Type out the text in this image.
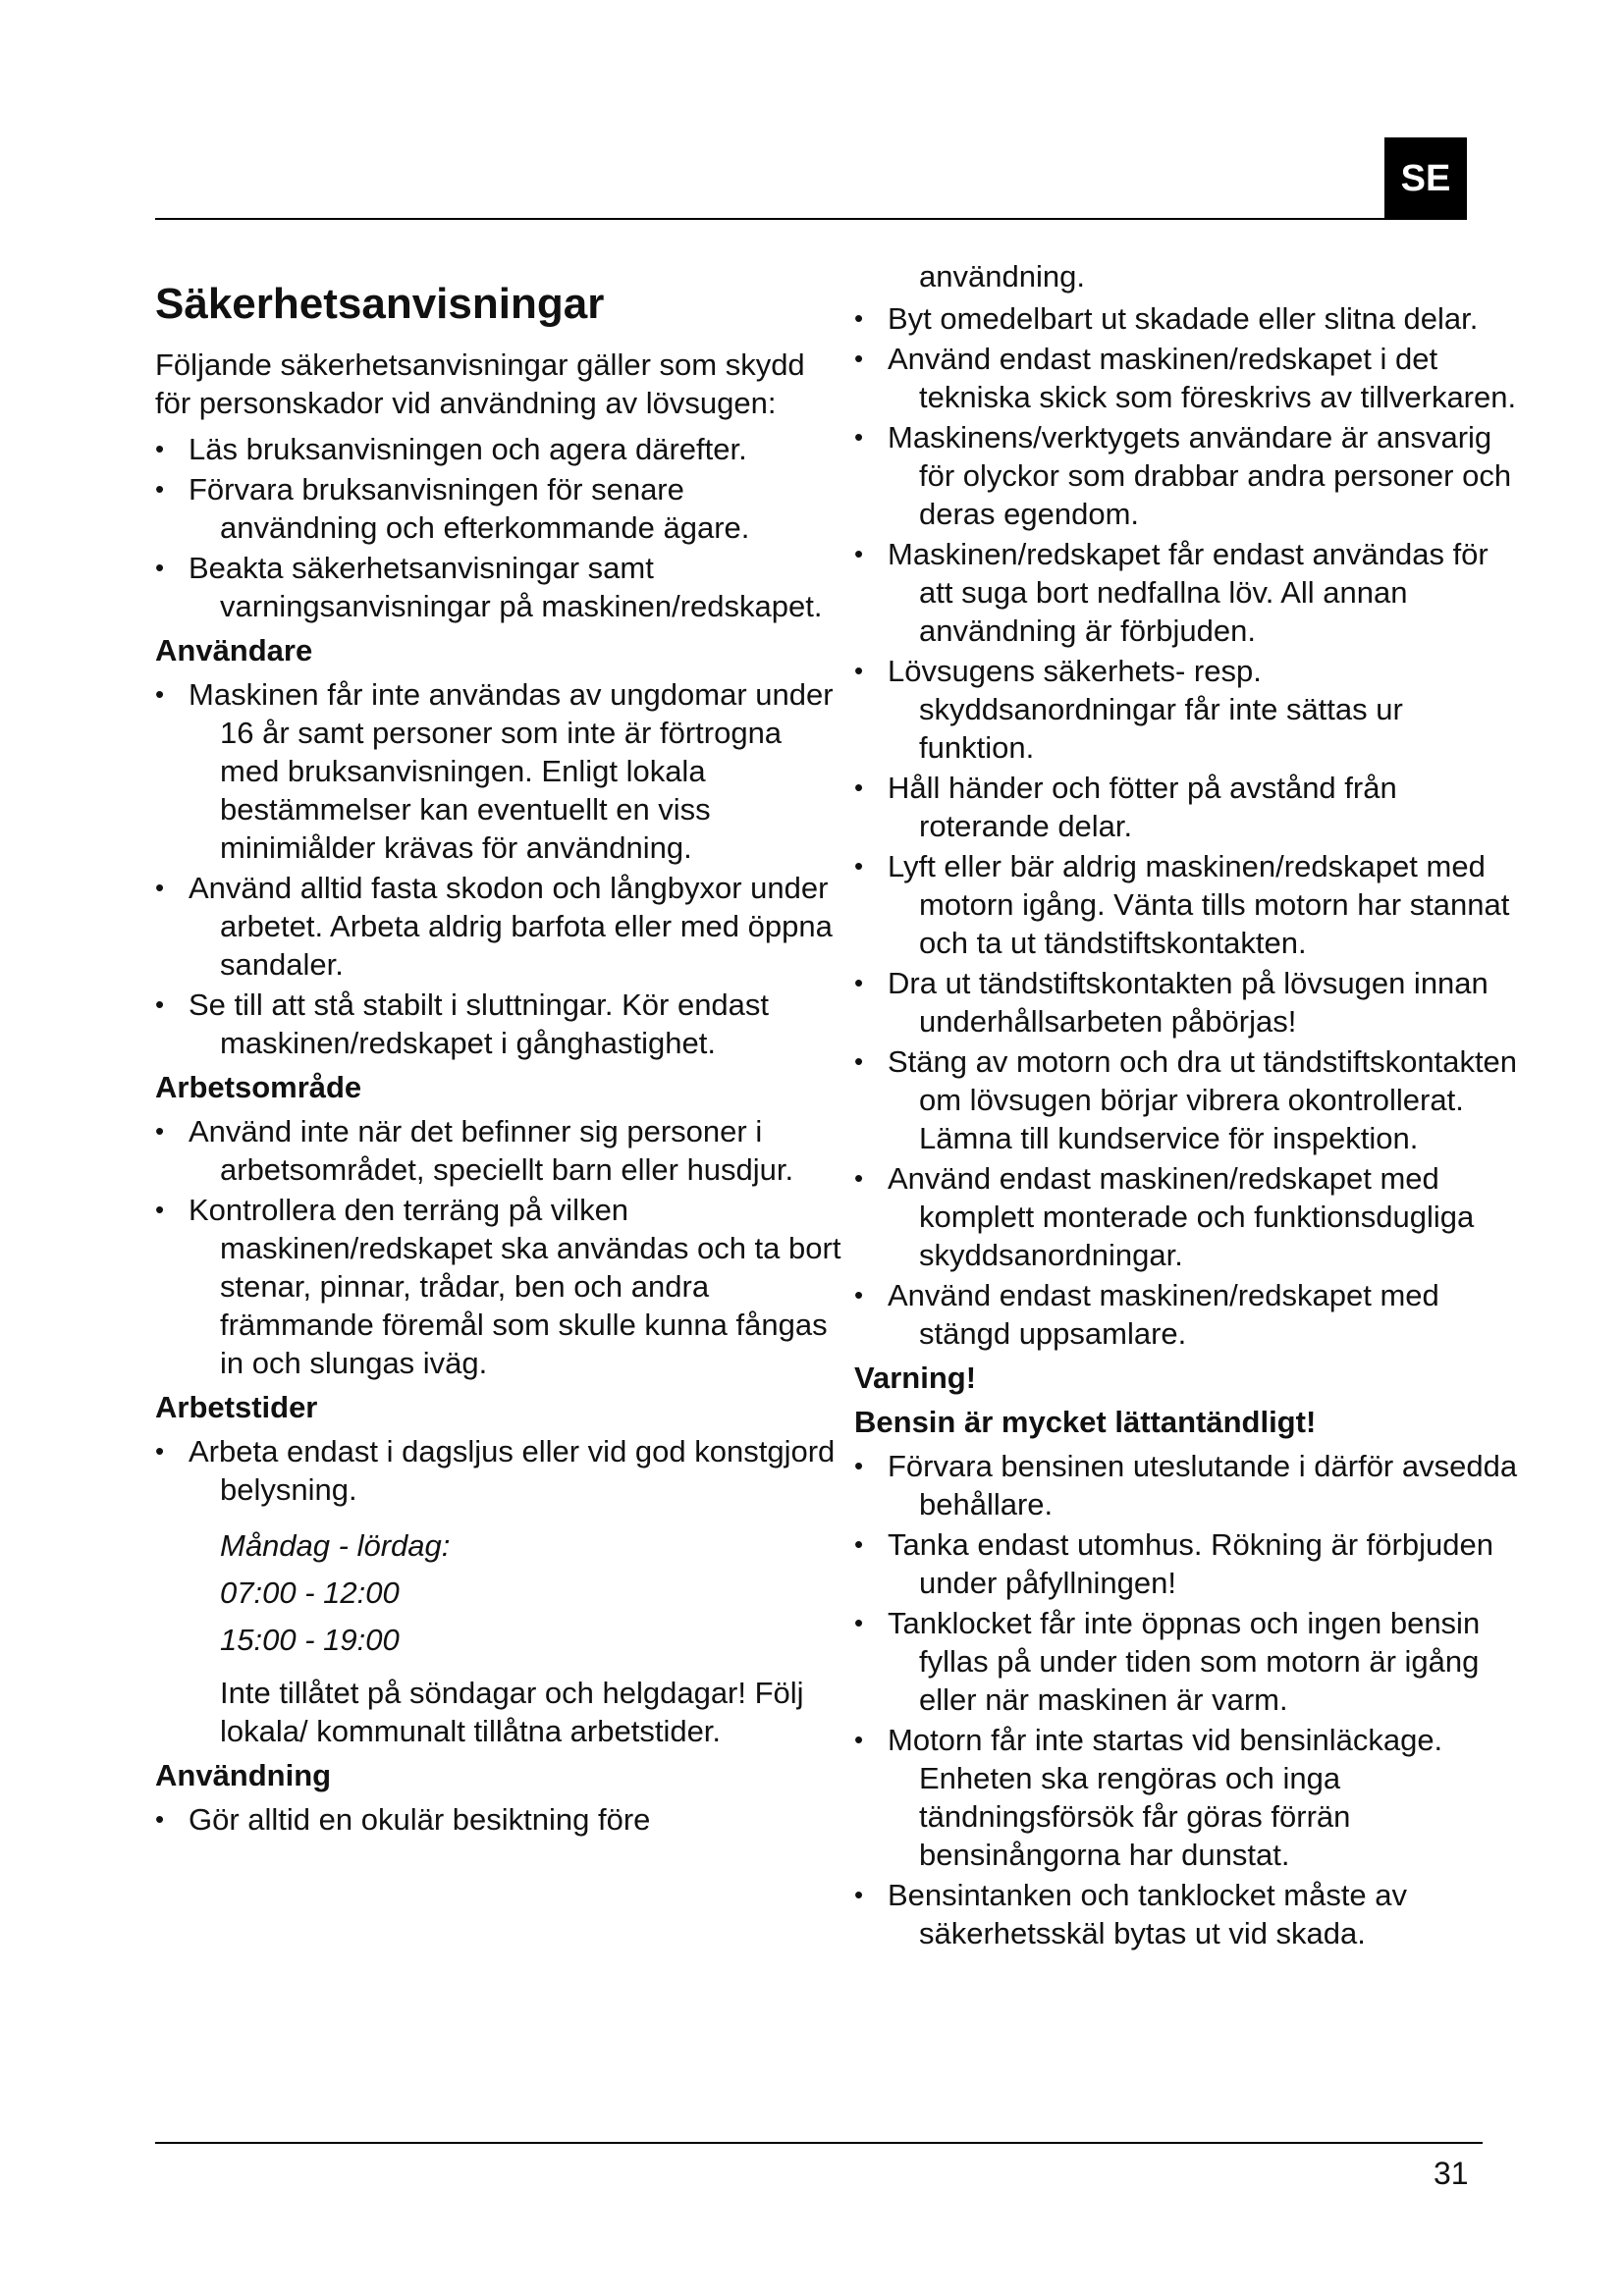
SE
Säkerhetsanvisningar

Följande säkerhetsanvisningar gäller som skydd för personskador vid användning av lövsugen:

• Läs bruksanvisningen och agera därefter.
• Förvara bruksanvisningen för senare användning och efterkommande ägare.
• Beakta säkerhetsanvisningar samt varningsanvisningar på maskinen/redskapet.
Användare
• Maskinen får inte användas av ungdomar under 16 år samt personer som inte är förtrogna med bruksanvisningen. Enligt lokala bestämmelser kan eventuellt en viss minimiålder krävas för användning.
• Använd alltid fasta skodon och långbyxor under arbetet. Arbeta aldrig barfota eller med öppna sandaler.
• Se till att stå stabilt i sluttningar. Kör endast maskinen/redskapet i gånghastighet.
Arbetsområde
• Använd inte när det befinner sig personer i arbetsområdet, speciellt barn eller husdjur.
• Kontrollera den terräng på vilken maskinen/redskapet ska användas och ta bort stenar, pinnar, trådar, ben och andra främmande föremål som skulle kunna fångas in och slungas iväg.
Arbetstider
• Arbeta endast i dagsljus eller vid god konstgjord belysning.
Måndag - lördag:
07:00 - 12:00
15:00 - 19:00

Inte tillåtet på söndagar och helgdagar! Följ lokala/ kommunalt tillåtna arbetstider.

Användning
• Gör alltid en okulär besiktning före

användning.

• Byt omedelbart ut skadade eller slitna delar.
• Använd endast maskinen/redskapet i det tekniska skick som föreskrivs av tillverkaren.
• Maskinens/verktygets användare är ansvarig för olyckor som drabbar andra personer och deras egendom.
• Maskinen/redskapet får endast användas för att suga bort nedfallna löv. All annan användning är förbjuden.
• Lövsugens säkerhets- resp. skyddsanordningar får inte sättas ur funktion.
• Håll händer och fötter på avstånd från roterande delar.
• Lyft eller bär aldrig maskinen/redskapet med motorn igång. Vänta tills motorn har stannat och ta ut tändstiftskontakten.
• Dra ut tändstiftskontakten på lövsugen innan underhållsarbeten påbörjas!
• Stäng av motorn och dra ut tändstiftskontakten om lövsugen börjar vibrera okontrollerat. Lämna till kundservice för inspektion.
• Använd endast maskinen/redskapet med komplett monterade och funktionsdugliga skyddsanordningar.
• Använd endast maskinen/redskapet med stängd uppsamlare.
Varning!
Bensin är mycket lättantändligt!
• Förvara bensinen uteslutande i därför avsedda behållare.
• Tanka endast utomhus. Rökning är förbjuden under påfyllningen!
• Tanklocket får inte öppnas och ingen bensin fyllas på under tiden som motorn är igång eller när maskinen är varm.
• Motorn får inte startas vid bensinläckage. Enheten ska rengöras och inga tändningsförsök får göras förrän bensinångorna har dunstat.
• Bensintanken och tanklocket måste av säkerhetsskäl bytas ut vid skada.
31
